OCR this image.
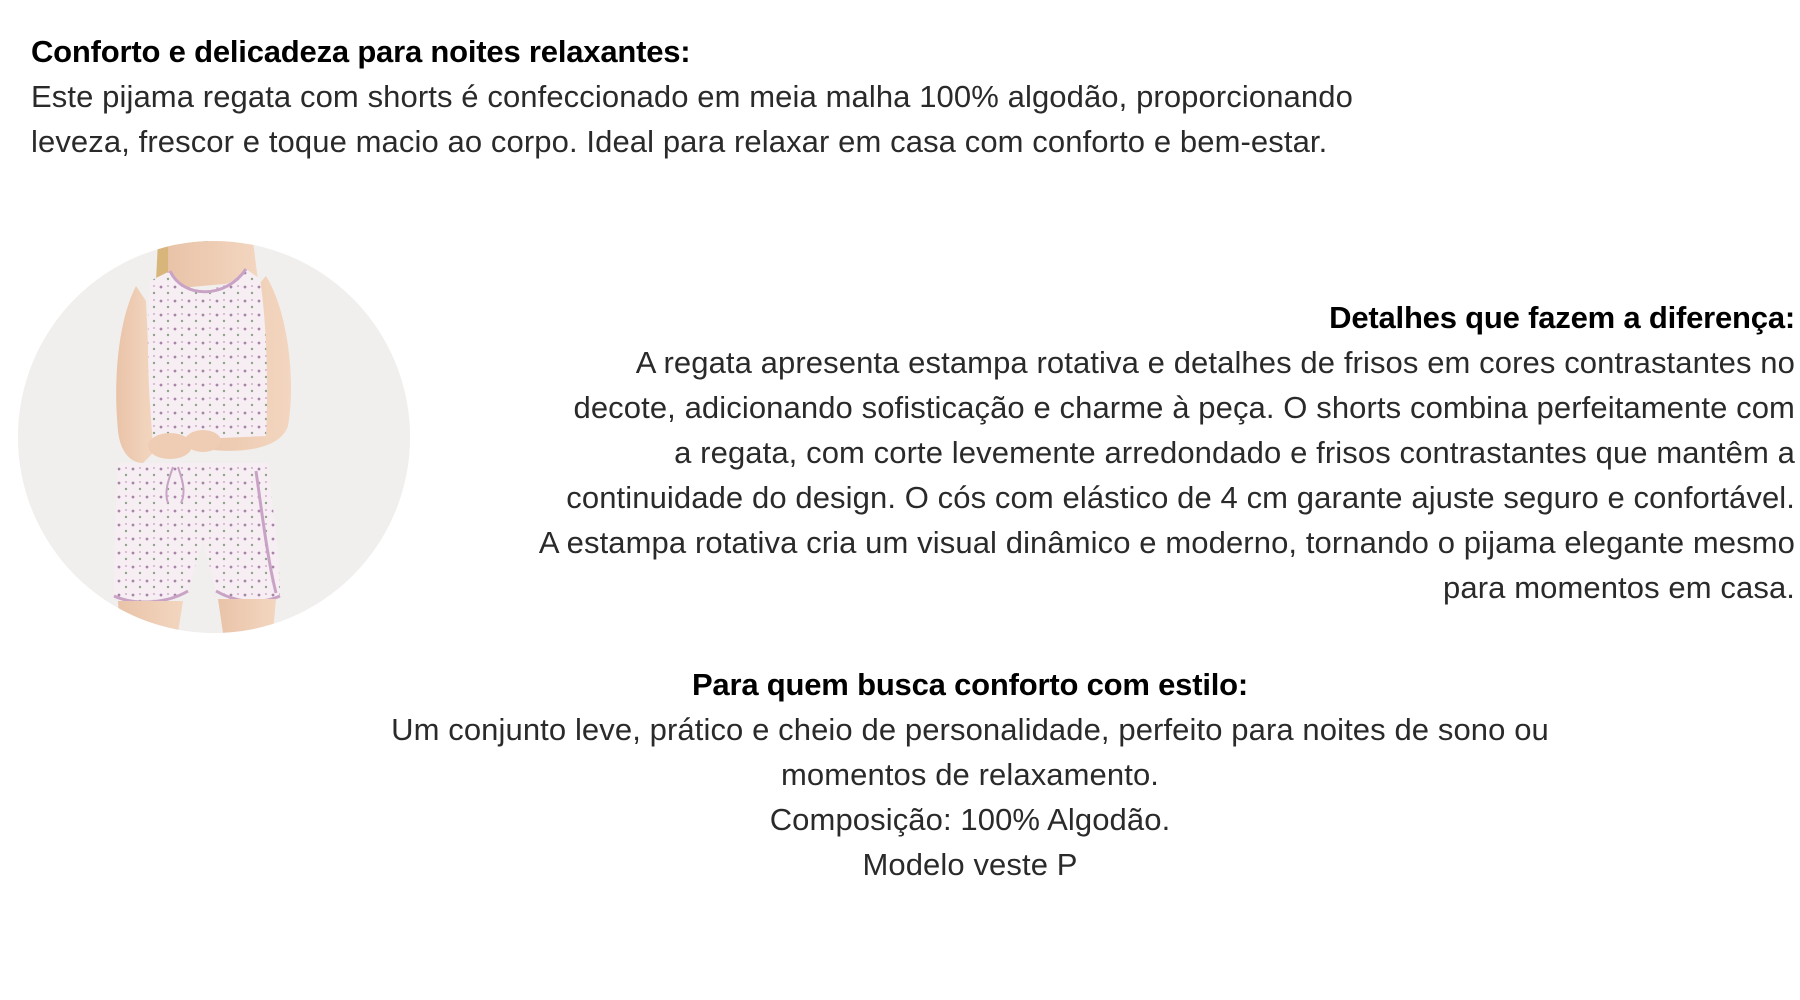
Conforto e delicadeza para noites relaxantes:
Este pijama regata com shorts é confeccionado em meia malha 100% algodão, proporcionando
leveza, frescor e toque macio ao corpo. Ideal para relaxar em casa com conforto e bem-estar.
Detalhes que fazem a diferença:
A regata apresenta estampa rotativa e detalhes de frisos em cores contrastantes no
decote, adicionando sofisticação e charme à peça. O shorts combina perfeitamente com
a regata, com corte levemente arredondado e frisos contrastantes que mantêm a
continuidade do design. O cós com elástico de 4 cm garante ajuste seguro e confortável.
A estampa rotativa cria um visual dinâmico e moderno, tornando o pijama elegante mesmo
para momentos em casa.
Para quem busca conforto com estilo:
Um conjunto leve, prático e cheio de personalidade, perfeito para noites de sono ou
momentos de relaxamento.
Composição: 100% Algodão.
Modelo veste P
